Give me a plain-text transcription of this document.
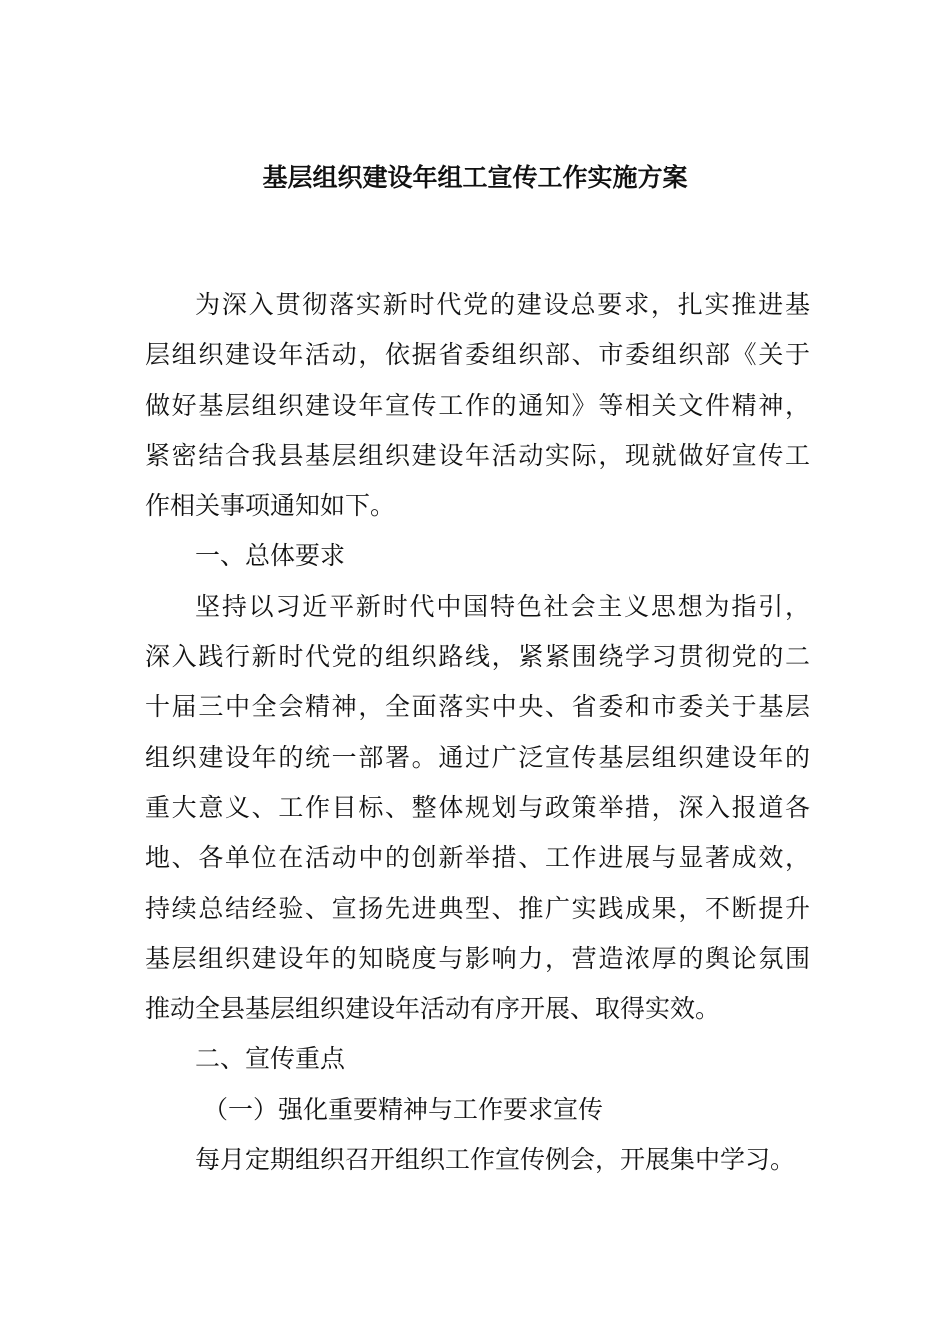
基层组织建设年组工宣传工作实施方案
为深入贯彻落实新时代党的建设总要求，扎实推进基
层组织建设年活动，依据省委组织部、市委组织部《关于
做好基层组织建设年宣传工作的通知》等相关文件精神，
紧密结合我县基层组织建设年活动实际，现就做好宣传工
作相关事项通知如下。
一、总体要求
坚持以习近平新时代中国特色社会主义思想为指引，
深入践行新时代党的组织路线，紧紧围绕学习贯彻党的二
十届三中全会精神，全面落实中央、省委和市委关于基层
组织建设年的统一部署。通过广泛宣传基层组织建设年的
重大意义、工作目标、整体规划与政策举措，深入报道各
地、各单位在活动中的创新举措、工作进展与显著成效，
持续总结经验、宣扬先进典型、推广实践成果，不断提升
基层组织建设年的知晓度与影响力，营造浓厚的舆论氛围
推动全县基层组织建设年活动有序开展、取得实效。
二、宣传重点
（一）强化重要精神与工作要求宣传
每月定期组织召开组织工作宣传例会，开展集中学习。
